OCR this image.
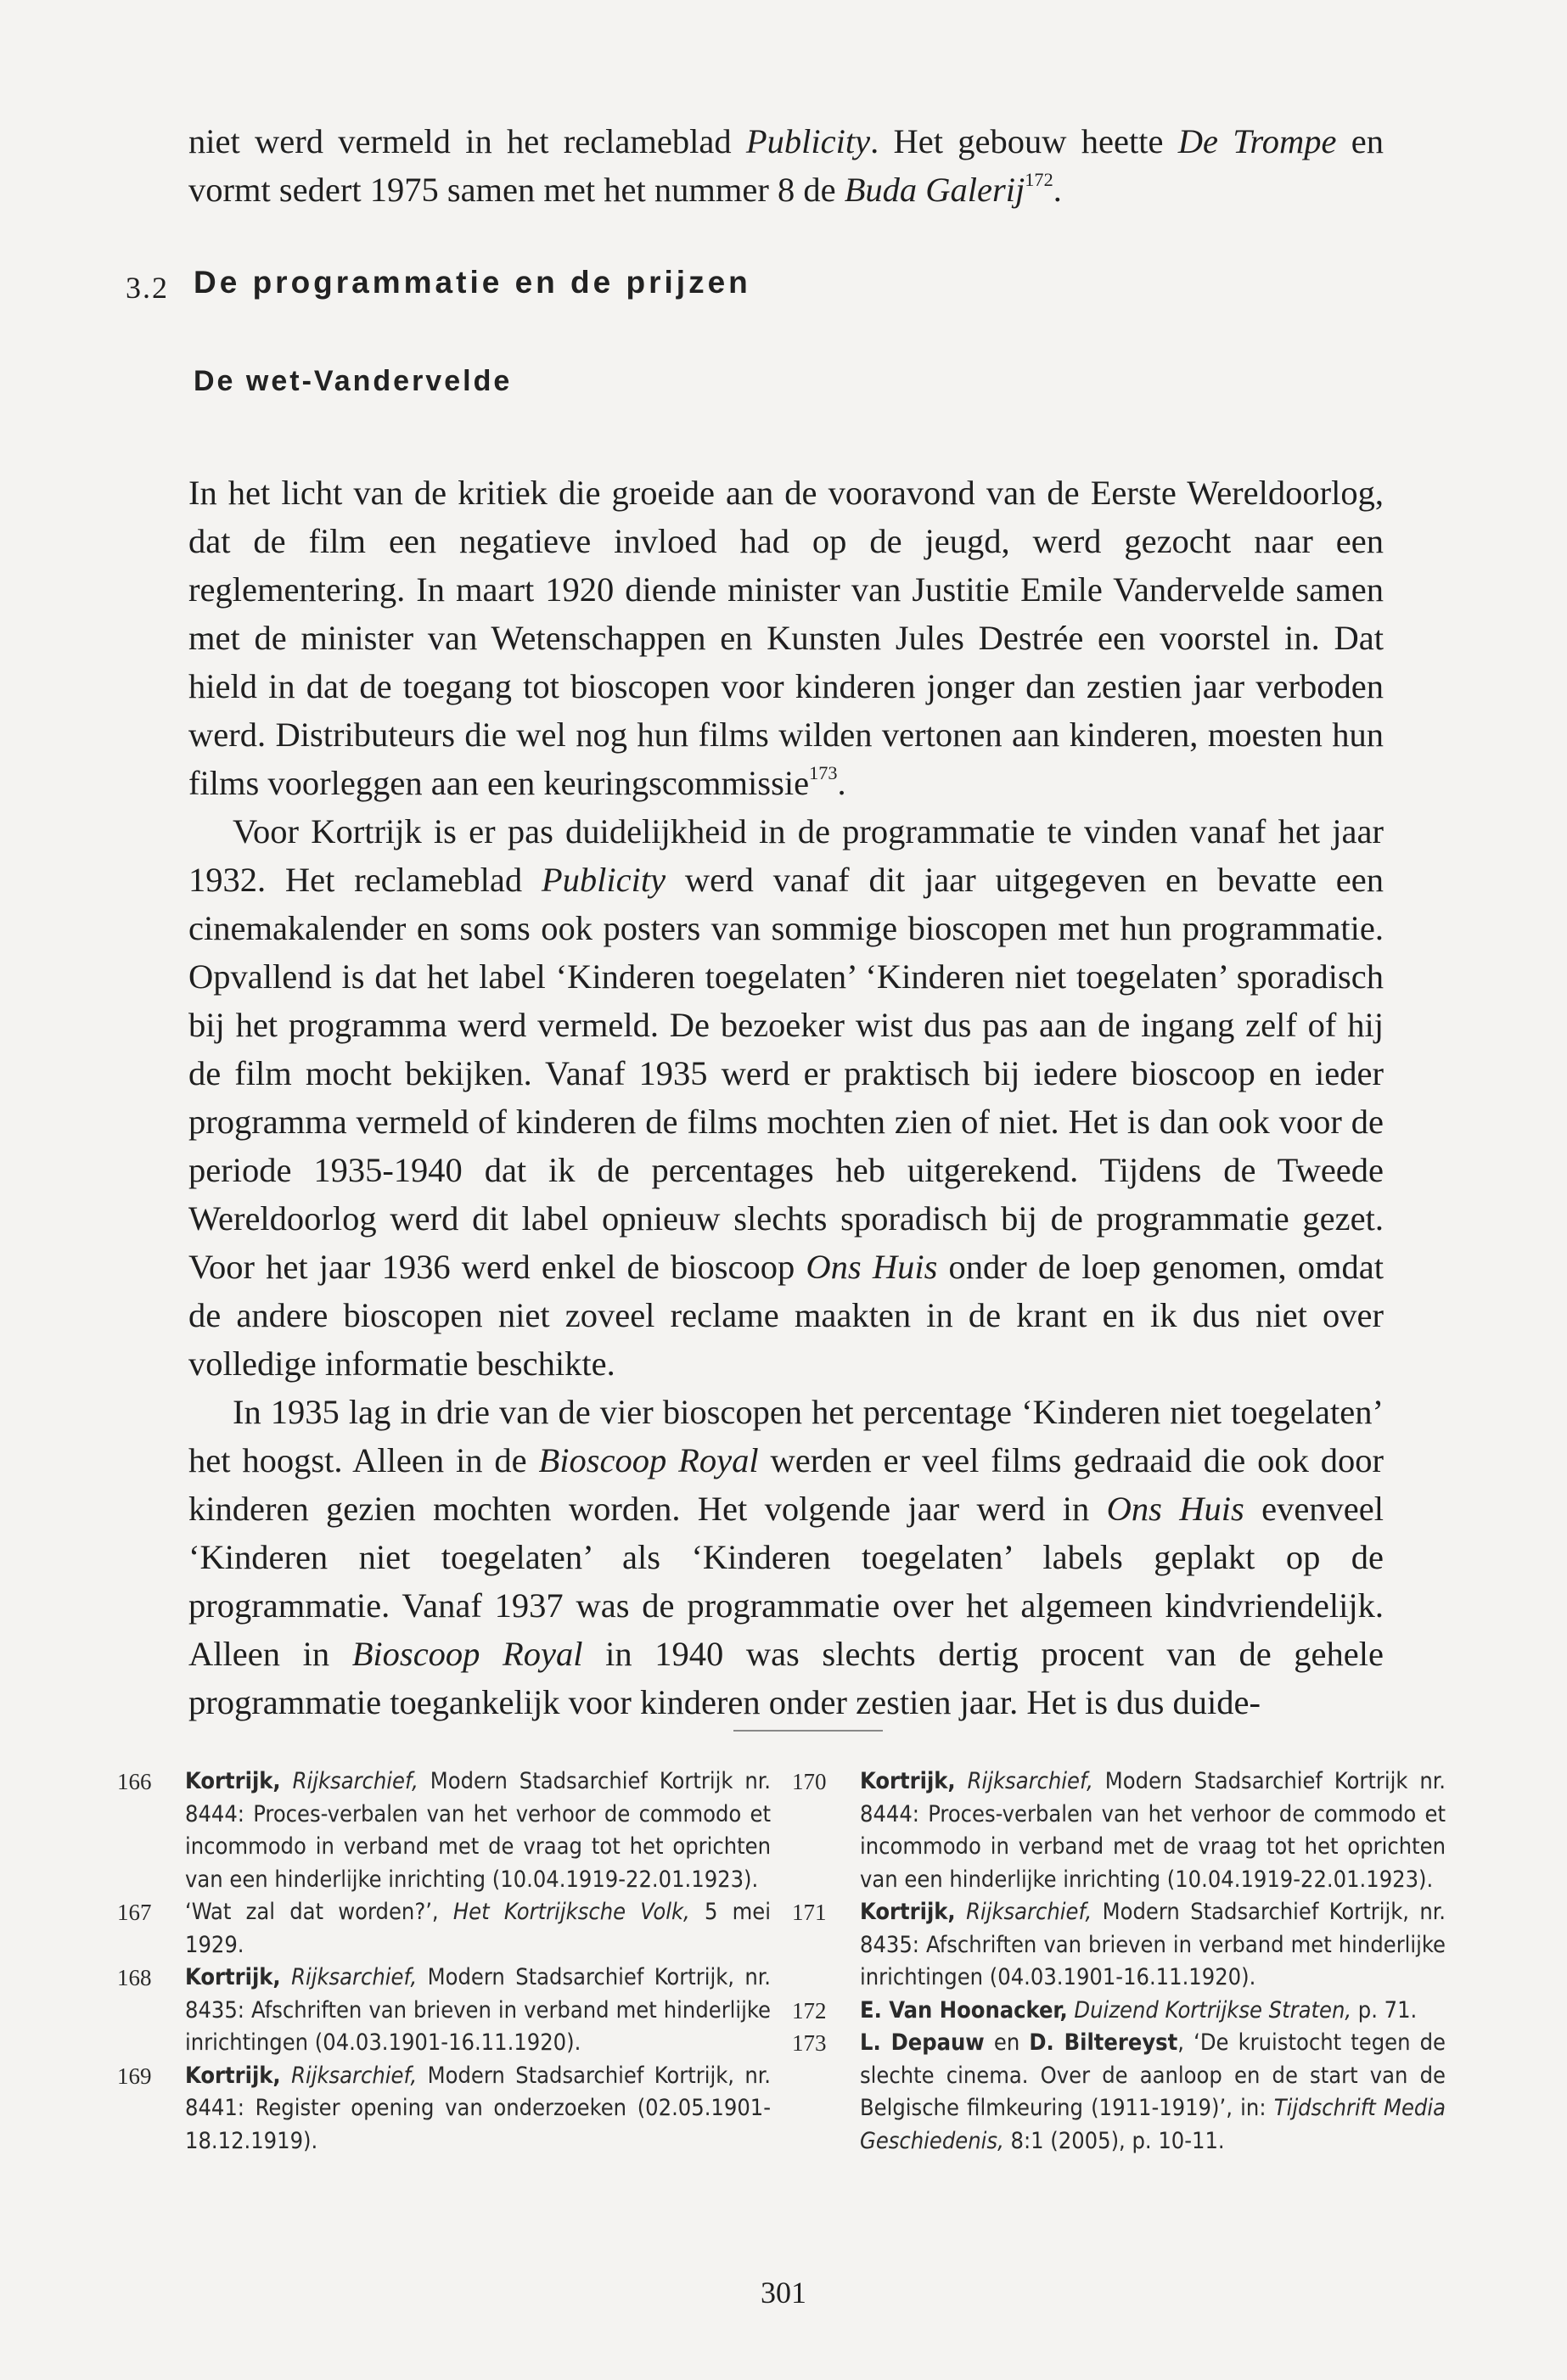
niet werd vermeld in het reclameblad Publicity. Het gebouw heette De Trompe en vormt sedert 1975 samen met het nummer 8 de Buda Galerij$^{172}$.

3.2 De programmatie en de prijzen
De wet-Vandervelde

In het licht van de kritiek die groeide aan de vooravond van de Eerste Wereldoorlog, dat de film een negatieve invloed had op de jeugd, werd gezocht naar een reglementering. In maart 1920 diende minister van Justitie Emile Vandervelde samen met de minister van Wetenschappen en Kunsten Jules Destrée een voorstel in. Dat hield in dat de toegang tot bioscopen voor kinderen jonger dan zestien jaar verboden werd. Distributeurs die wel nog hun films wilden vertonen aan kinderen, moesten hun films voorleggen aan een keuringscommissie$^{173}$.

Voor Kortrijk is er pas duidelijkheid in de programmatie te vinden vanaf het jaar 1932. Het reclameblad Publicity werd vanaf dit jaar uitgegeven en bevatte een cinemakalender en soms ook posters van sommige bioscopen met hun programmatie. Opvallend is dat het label ‘Kinderen toegelaten’ ‘Kinderen niet toegelaten’ sporadisch bij het programma werd vermeld. De bezoeker wist dus pas aan de ingang zelf of hij de film mocht bekijken. Vanaf 1935 werd er praktisch bij iedere bioscoop en ieder programma vermeld of kinderen de films mochten zien of niet. Het is dan ook voor de periode 1935-1940 dat ik de percentages heb uitgerekend. Tijdens de Tweede Wereldoorlog werd dit label opnieuw slechts sporadisch bij de programmatie gezet. Voor het jaar 1936 werd enkel de bioscoop Ons Huis onder de loep genomen, omdat de andere bioscopen niet zoveel reclame maakten in de krant en ik dus niet over volledige informatie beschikte.

In 1935 lag in drie van de vier bioscopen het percentage ‘Kinderen niet toegelaten’ het hoogst. Alleen in de Bioscoop Royal werden er veel films gedraaid die ook door kinderen gezien mochten worden. Het volgende jaar werd in Ons Huis evenveel ‘Kinderen niet toegelaten’ als ‘Kinderen toegelaten’ labels geplakt op de programmatie. Vanaf 1937 was de programmatie over het algemeen kindvriendelijk. Alleen in Bioscoop Royal in 1940 was slechts dertig procent van de gehele programmatie toegankelijk voor kinderen onder zestien jaar. Het is dus duide-

166	Kortrijk, Rijksarchief, Modern Stadsarchief Kortrijk nr. 8444: Proces-verbalen van het verhoor de commodo et incommodo in verband met de vraag tot het oprichten van een hinderlijke inrichting (10.04.1919-22.01.1923).
167	‘Wat zal dat worden?’, Het Kortrijksche Volk, 5 mei 1929.
168	Kortrijk, Rijksarchief, Modern Stadsarchief Kortrijk, nr. 8435: Afschriften van brieven in verband met hinderlijke inrichtingen (04.03.1901-16.11.1920).
169	Kortrijk, Rijksarchief, Modern Stadsarchief Kortrijk, nr. 8441: Register opening van onderzoeken (02.05.1901-18.12.1919).
170	Kortrijk, Rijksarchief, Modern Stadsarchief Kortrijk nr. 8444: Proces-verbalen van het verhoor de commodo et incommodo in verband met de vraag tot het oprichten van een hinderlijke inrichting (10.04.1919-22.01.1923).
171	Kortrijk, Rijksarchief, Modern Stadsarchief Kortrijk, nr. 8435: Afschriften van brieven in verband met hinderlijke inrichtingen (04.03.1901-16.11.1920).
172	E. Van Hoonacker, Duizend Kortrijkse Straten, p. 71.
173	L. Depauw en D. Biltereyst, ‘De kruistocht tegen de slechte cinema. Over de aanloop en de start van de Belgische filmkeuring (1911-1919)’, in: Tijdschrift Media Geschiedenis, 8:1 (2005), p. 10-11.
301
